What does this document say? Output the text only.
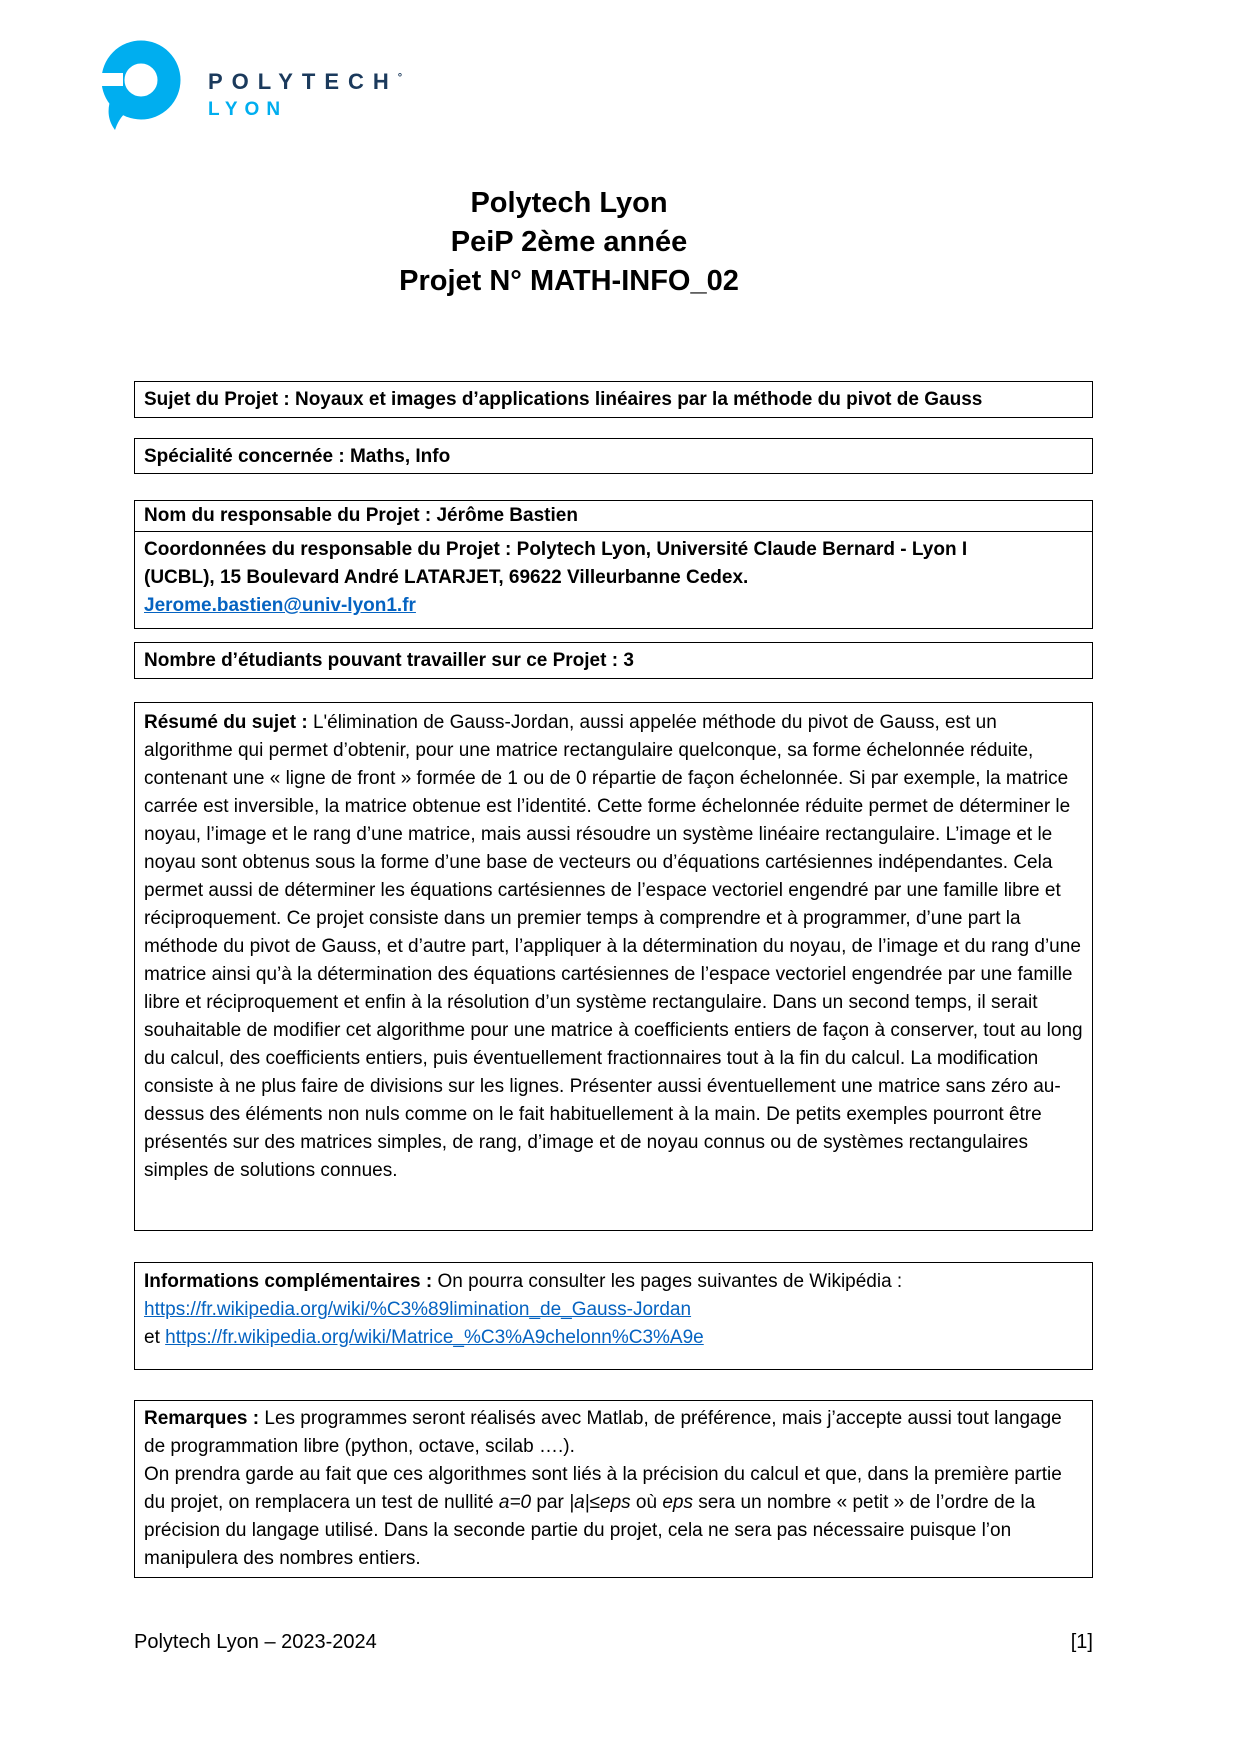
POLYTECH°
LYON
Polytech Lyon
PeiP 2ème année
Projet N° MATH-INFO_02
Sujet du Projet : Noyaux et images d’applications linéaires par la méthode du pivot de Gauss
Spécialité concernée : Maths, Info
Nom du responsable du Projet : Jérôme Bastien
Coordonnées du responsable du Projet : Polytech Lyon, Université Claude Bernard - Lyon I
(UCBL), 15 Boulevard André LATARJET, 69622 Villeurbanne Cedex.
Jerome.bastien@univ-lyon1.fr
Nombre d’étudiants pouvant travailler sur ce Projet : 3

Résumé du sujet : L'élimination de Gauss-Jordan, aussi appelée méthode du pivot de Gauss, est un algorithme qui permet d’obtenir, pour une matrice rectangulaire quelconque, sa forme échelonnée réduite, contenant une « ligne de front » formée de 1 ou de 0 répartie de façon échelonnée. Si par exemple, la matrice carrée est inversible, la matrice obtenue est l’identité. Cette forme échelonnée réduite permet de déterminer le noyau, l’image et le rang d’une matrice, mais aussi résoudre un système linéaire rectangulaire. L’image et le noyau sont obtenus sous la forme d’une base de vecteurs ou d’équations cartésiennes indépendantes. Cela permet aussi de déterminer les équations cartésiennes de l’espace vectoriel engendré par une famille libre et réciproquement. Ce projet consiste dans un premier temps à comprendre et à programmer, d’une part la méthode du pivot de Gauss, et d’autre part, l’appliquer à la détermination du noyau, de l’image et du rang d’une matrice ainsi qu’à la détermination des équations cartésiennes de l’espace vectoriel engendrée par une famille libre et réciproquement et enfin à la résolution d’un système rectangulaire. Dans un second temps, il serait souhaitable de modifier cet algorithme pour une matrice à coefficients entiers de façon à conserver, tout au long du calcul, des coefficients entiers, puis éventuellement fractionnaires tout à la fin du calcul. La modification consiste à ne plus faire de divisions sur les lignes. Présenter aussi éventuellement une matrice sans zéro au-dessus des éléments non nuls comme on le fait habituellement à la main. De petits exemples pourront être présentés sur des matrices simples, de rang, d’image et de noyau connus ou de systèmes rectangulaires simples de solutions connues.

Informations complémentaires : On pourra consulter les pages suivantes de Wikipédia :

https://fr.wikipedia.org/wiki/%C3%89limination_de_Gauss-Jordan

et https://fr.wikipedia.org/wiki/Matrice_%C3%A9chelonn%C3%A9e

Remarques : Les programmes seront réalisés avec Matlab, de préférence, mais j’accepte aussi tout langage de programmation libre (python, octave, scilab ….).

On prendra garde au fait que ces algorithmes sont liés à la précision du calcul et que, dans la première partie du projet, on remplacera un test de nullité a=0 par |a|≤eps où eps sera un nombre « petit » de l’ordre de la précision du langage utilisé. Dans la seconde partie du projet, cela ne sera pas nécessaire puisque l’on manipulera des nombres entiers.

Polytech Lyon – 2023-2024	[1]
